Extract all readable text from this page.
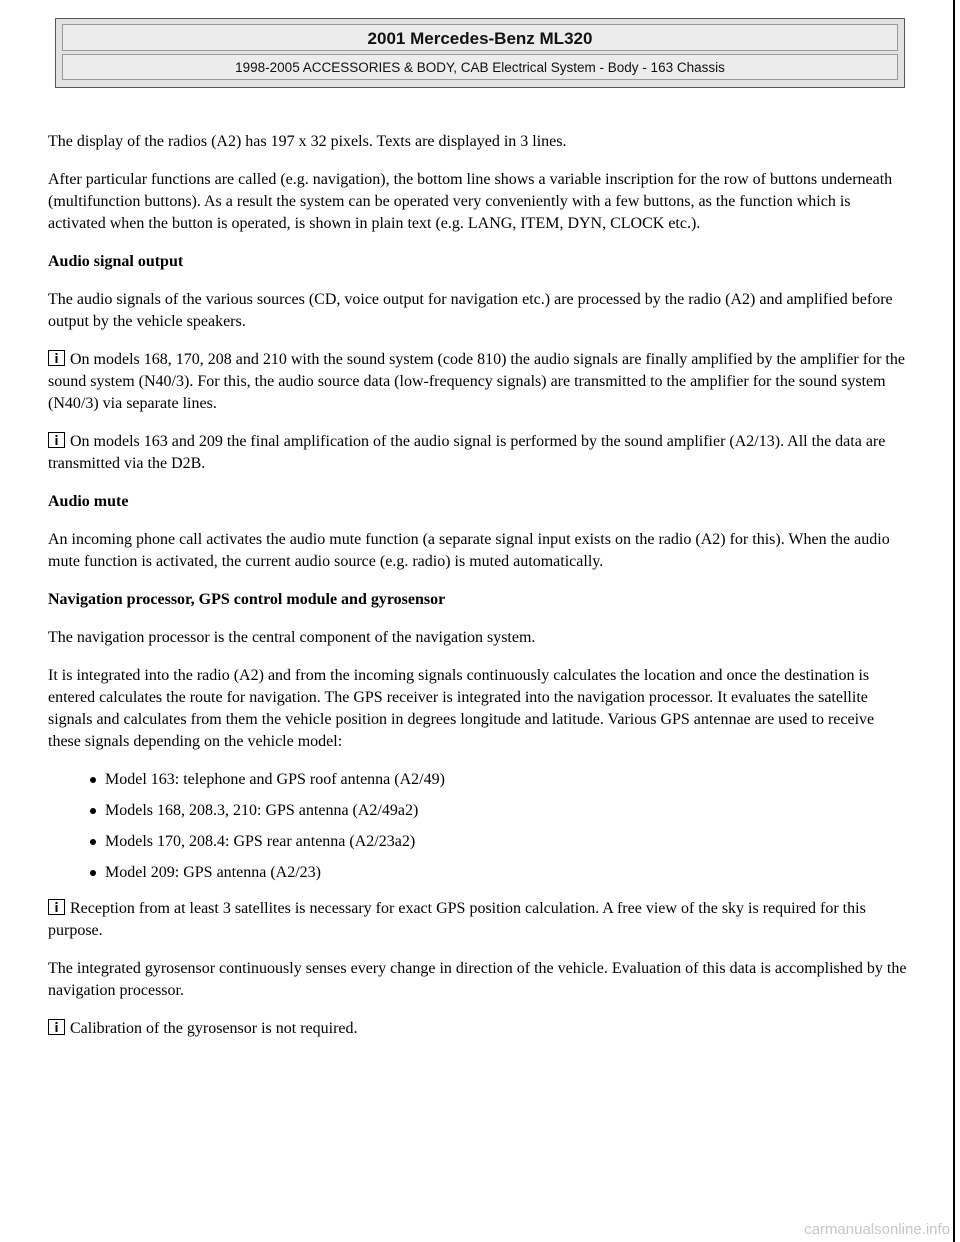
2001 Mercedes-Benz ML320
1998-2005 ACCESSORIES & BODY, CAB Electrical System - Body - 163 Chassis

The display of the radios (A2) has 197 x 32 pixels. Texts are displayed in 3 lines.

After particular functions are called (e.g. navigation), the bottom line shows a variable inscription for the row of buttons underneath (multifunction buttons). As a result the system can be operated very conveniently with a few buttons, as the function which is activated when the button is operated, is shown in plain text (e.g. LANG, ITEM, DYN, CLOCK etc.).

Audio signal output

The audio signals of the various sources (CD, voice output for navigation etc.) are processed by the radio (A2) and amplified before output by the vehicle speakers.

On models 168, 170, 208 and 210 with the sound system (code 810) the audio signals are finally amplified by the amplifier for the sound system (N40/3). For this, the audio source data (low-frequency signals) are transmitted to the amplifier for the sound system (N40/3) via separate lines.

On models 163 and 209 the final amplification of the audio signal is performed by the sound amplifier (A2/13). All the data are transmitted via the D2B.

Audio mute

An incoming phone call activates the audio mute function (a separate signal input exists on the radio (A2) for this). When the audio mute function is activated, the current audio source (e.g. radio) is muted automatically.

Navigation processor, GPS control module and gyrosensor

The navigation processor is the central component of the navigation system.

It is integrated into the radio (A2) and from the incoming signals continuously calculates the location and once the destination is entered calculates the route for navigation. The GPS receiver is integrated into the navigation processor. It evaluates the satellite signals and calculates from them the vehicle position in degrees longitude and latitude. Various GPS antennae are used to receive these signals depending on the vehicle model:

Model 163: telephone and GPS roof antenna (A2/49)
Models 168, 208.3, 210: GPS antenna (A2/49a2)
Models 170, 208.4: GPS rear antenna (A2/23a2)
Model 209: GPS antenna (A2/23)

Reception from at least 3 satellites is necessary for exact GPS position calculation. A free view of the sky is required for this purpose.

The integrated gyrosensor continuously senses every change in direction of the vehicle. Evaluation of this data is accomplished by the navigation processor.

Calibration of the gyrosensor is not required.

carmanualsonline.info
